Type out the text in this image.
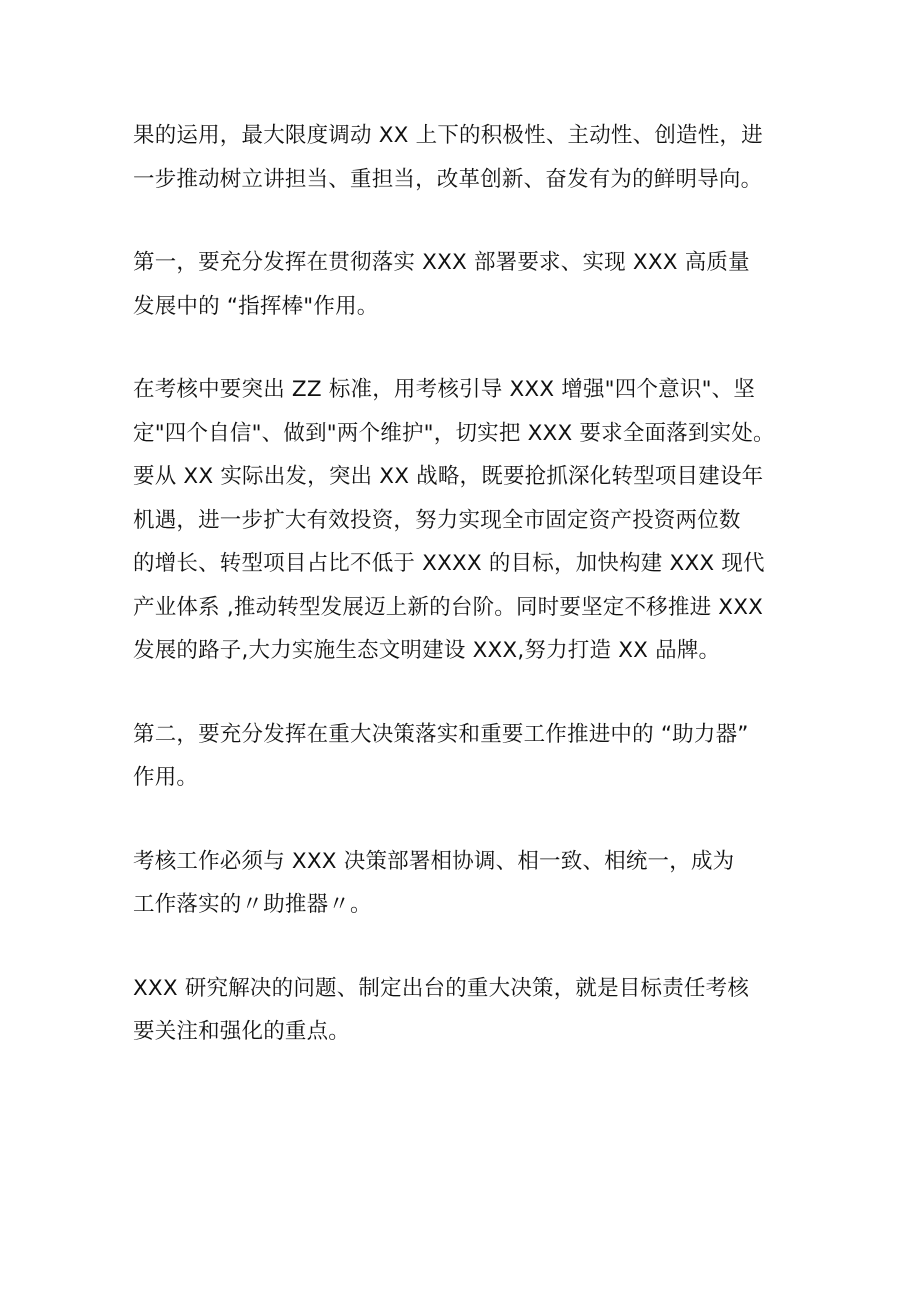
果的运用，最大限度调动 XX 上下的积极性、主动性、创造性，进
一步推动树立讲担当、重担当，改革创新、奋发有为的鲜明导向。

第一，要充分发挥在贯彻落实 XXX 部署要求、实现 XXX 高质量
发展中的 “指挥棒"作用。

在考核中要突出 ZZ 标准，用考核引导 XXX 增强"四个意识"、坚
定"四个自信"、做到"两个维护"，切实把 XXX 要求全面落到实处。
要从 XX 实际出发，突出 XX 战略，既要抢抓深化转型项目建设年
机遇，进一步扩大有效投资，努力实现全市固定资产投资两位数
的增长、转型项目占比不低于 XXXX 的目标，加快构建 XXX 现代
产业体系 ,推动转型发展迈上新的台阶。同时要坚定不移推进 XXX
发展的路子,大力实施生态文明建设 XXX,努力打造 XX 品牌。

第二，要充分发挥在重大决策落实和重要工作推进中的 “助力器”
作用。

考核工作必须与 XXX 决策部署相协调、相一致、相统一，成为
工作落实的〃助推器〃。

XXX 研究解决的问题、制定出台的重大决策，就是目标责任考核
要关注和强化的重点。
